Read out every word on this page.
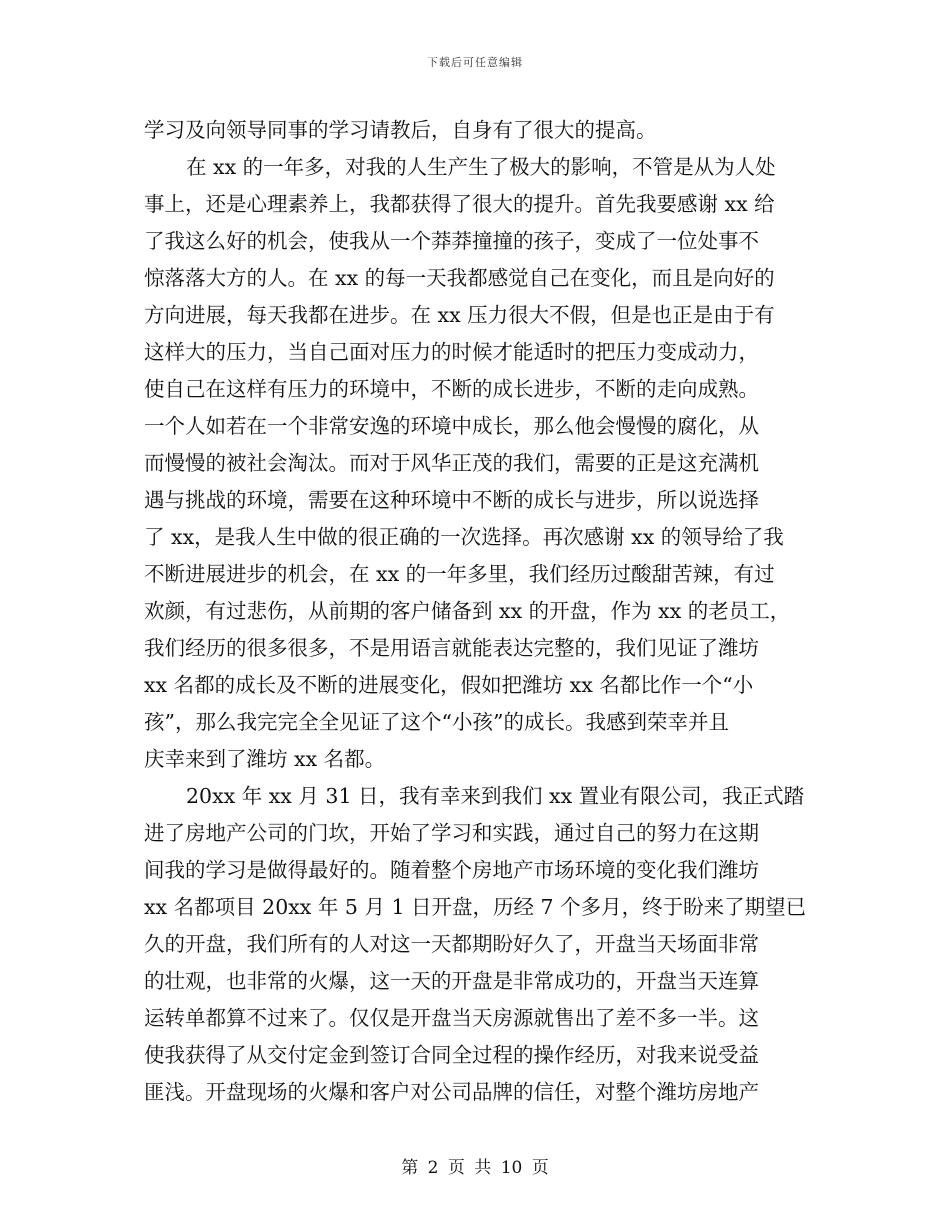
下载后可任意编辑
学习及向领导同事的学习请教后，自身有了很大的提高。
在 xx 的一年多，对我的人生产生了极大的影响，不管是从为人处
事上，还是心理素养上，我都获得了很大的提升。首先我要感谢 xx 给
了我这么好的机会，使我从一个莽莽撞撞的孩子，变成了一位处事不
惊落落大方的人。在 xx 的每一天我都感觉自己在变化，而且是向好的
方向进展，每天我都在进步。在 xx 压力很大不假，但是也正是由于有
这样大的压力，当自己面对压力的时候才能适时的把压力变成动力，
使自己在这样有压力的环境中，不断的成长进步，不断的走向成熟。
一个人如若在一个非常安逸的环境中成长，那么他会慢慢的腐化，从
而慢慢的被社会淘汰。而对于风华正茂的我们，需要的正是这充满机
遇与挑战的环境，需要在这种环境中不断的成长与进步，所以说选择
了 xx，是我人生中做的很正确的一次选择。再次感谢 xx 的领导给了我
不断进展进步的机会，在 xx 的一年多里，我们经历过酸甜苦辣，有过
欢颜，有过悲伤，从前期的客户储备到 xx 的开盘，作为 xx 的老员工，
我们经历的很多很多，不是用语言就能表达完整的，我们见证了潍坊
xx 名都的成长及不断的进展变化，假如把潍坊 xx 名都比作一个“小
孩”，那么我完完全全见证了这个“小孩”的成长。我感到荣幸并且
庆幸来到了潍坊 xx 名都。
20xx 年 xx 月 31 日，我有幸来到我们 xx 置业有限公司，我正式踏
进了房地产公司的门坎，开始了学习和实践，通过自己的努力在这期
间我的学习是做得最好的。随着整个房地产市场环境的变化我们潍坊
xx 名都项目 20xx 年 5 月 1 日开盘，历经 7 个多月，终于盼来了期望已
久的开盘，我们所有的人对这一天都期盼好久了，开盘当天场面非常
的壮观，也非常的火爆，这一天的开盘是非常成功的，开盘当天连算
运转单都算不过来了。仅仅是开盘当天房源就售出了差不多一半。这
使我获得了从交付定金到签订合同全过程的操作经历，对我来说受益
匪浅。开盘现场的火爆和客户对公司品牌的信任，对整个潍坊房地产
第 2 页 共 10 页
